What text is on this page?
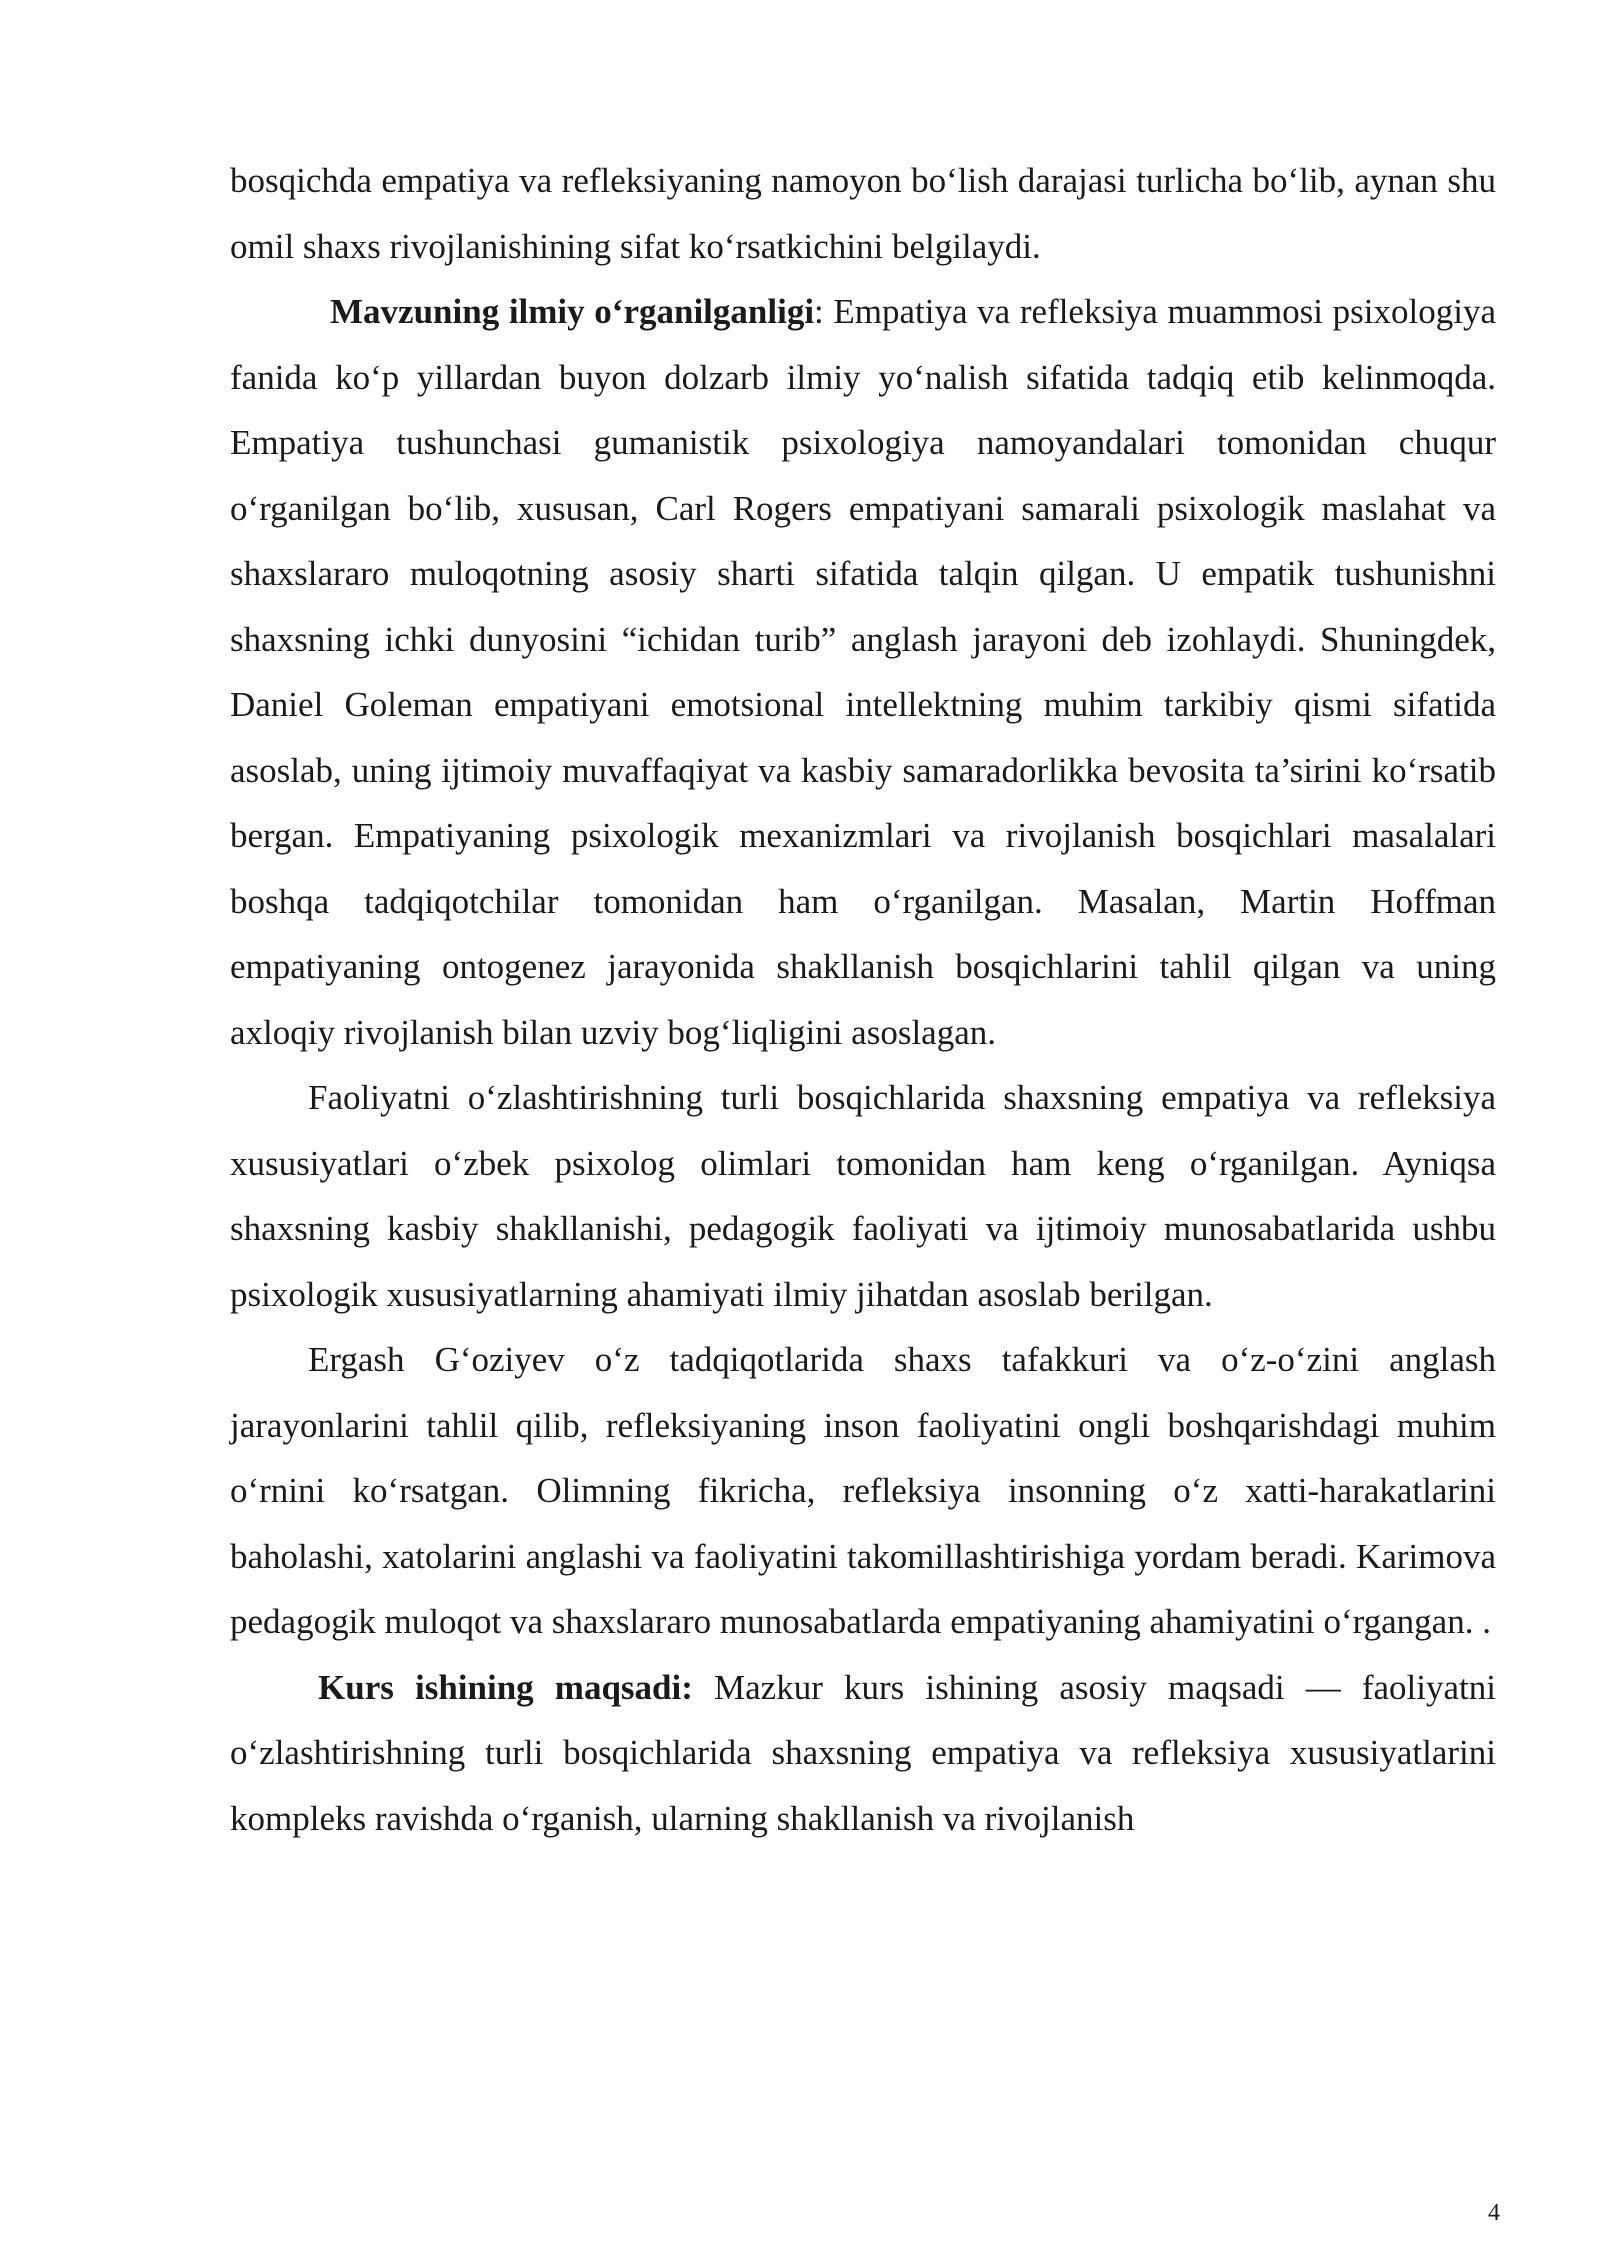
bosqichda empatiya va refleksiyaning namoyon bo‘lish darajasi turlicha bo‘lib, aynan shu omil shaxs rivojlanishining sifat ko‘rsatkichini belgilaydi.

Mavzuning ilmiy o‘rganilganligi: Empatiya va refleksiya muammosi psixologiya fanida ko‘p yillardan buyon dolzarb ilmiy yo‘nalish sifatida tadqiq etib kelinmoqda. Empatiya tushunchasi gumanistik psixologiya namoyandalari tomonidan chuqur o‘rganilgan bo‘lib, xususan, Carl Rogers empatiyani samarali psixologik maslahat va shaxslararo muloqotning asosiy sharti sifatida talqin qilgan. U empatik tushunishni shaxsning ichki dunyosini “ichidan turib” anglash jarayoni deb izohlaydi. Shuningdek, Daniel Goleman empatiyani emotsional intellektning muhim tarkibiy qismi sifatida asoslab, uning ijtimoiy muvaffaqiyat va kasbiy samaradorlikka bevosita ta’sirini ko‘rsatib bergan. Empatiyaning psixologik mexanizmlari va rivojlanish bosqichlari masalalari boshqa tadqiqotchilar tomonidan ham o‘rganilgan. Masalan, Martin Hoffman empatiyaning ontogenez jarayonida shakllanish bosqichlarini tahlil qilgan va uning axloqiy rivojlanish bilan uzviy bog‘liqligini asoslagan.

Faoliyatni o‘zlashtirishning turli bosqichlarida shaxsning empatiya va refleksiya xususiyatlari o‘zbek psixolog olimlari tomonidan ham keng o‘rganilgan. Ayniqsa shaxsning kasbiy shakllanishi, pedagogik faoliyati va ijtimoiy munosabatlarida ushbu psixologik xususiyatlarning ahamiyati ilmiy jihatdan asoslab berilgan.

Ergash G‘oziyev o‘z tadqiqotlarida shaxs tafakkuri va o‘z-o‘zini anglash jarayonlarini tahlil qilib, refleksiyaning inson faoliyatini ongli boshqarishdagi muhim o‘rnini ko‘rsatgan. Olimning fikricha, refleksiya insonning o‘z xatti-harakatlarini baholashi, xatolarini anglashi va faoliyatini takomillashtirishiga yordam beradi. Karimova pedagogik muloqot va shaxslararo munosabatlarda empatiyaning ahamiyatini o‘rgangan. .

Kurs ishining maqsadi: Mazkur kurs ishining asosiy maqsadi — faoliyatni o‘zlashtirishning turli bosqichlarida shaxsning empatiya va refleksiya xususiyatlarini kompleks ravishda o‘rganish, ularning shakllanish va rivojlanish

4
